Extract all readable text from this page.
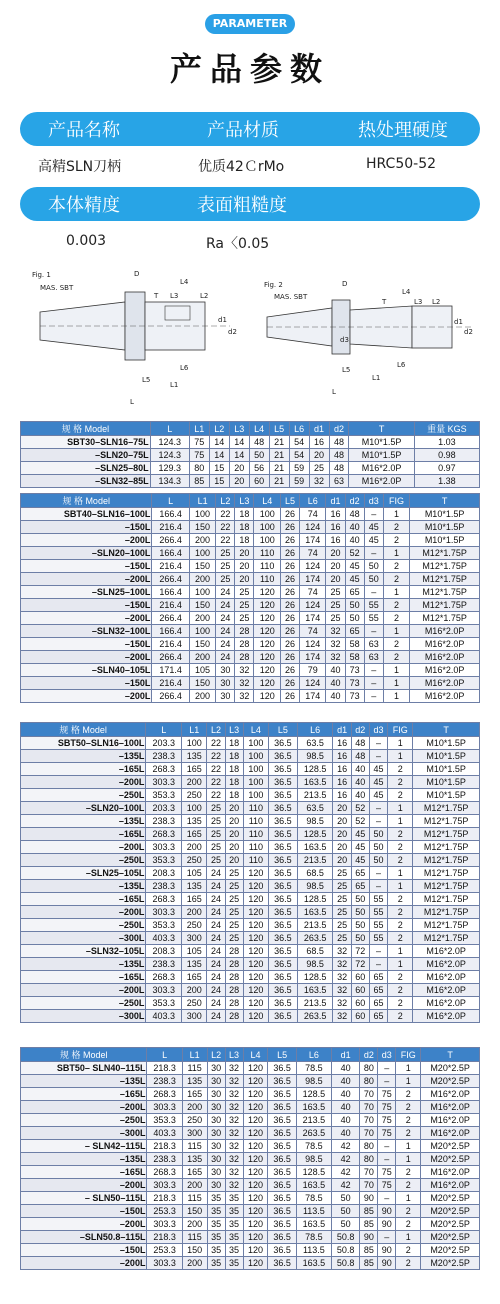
PARAMETER
产品参数
产品名称	产品材质	热处理硬度
高精SLN刀柄	优质42ＣrMo	HRC50-52
本体精度	表面粗糙度
0.003	Ra〈0.05
Fig. 1
MAS. SBT
D
L4
T L3	L2
d1
d2
L6
L5
L1
L
Fig. 2
MAS. SBT
D
L4
T	L3 L2
d1
d2
d3
L6
L5
L1
L
规 格 Model	L	L1	L2	L3	L4	L5	L6	d1	d2	T	重量 KGS
SBT30–SLN16–75L	124.3	75	14	14	48	21	54	16	48	M10*1.5P	1.03
–SLN20–75L	124.3	75	14	14	50	21	54	20	48	M10*1.5P	0.98
–SLN25–80L	129.3	80	15	20	56	21	59	25	48	M16*2.0P	0.97
–SLN32–85L	134.3	85	15	20	60	21	59	32	63	M16*2.0P	1.38
规 格 Model	L	L1	L2	L3	L4	L5	L6	d1	d2	d3	FIG	T
SBT40–SLN16–100L	166.4	100	22	18	100	26	74	16	48	–	1	M10*1.5P
–150L	216.4	150	22	18	100	26	124	16	40	45	2	M10*1.5P
–200L	266.4	200	22	18	100	26	174	16	40	45	2	M10*1.5P
–SLN20–100L	166.4	100	25	20	110	26	74	20	52	–	1	M12*1.75P
–150L	216.4	150	25	20	110	26	124	20	45	50	2	M12*1.75P
–200L	266.4	200	25	20	110	26	174	20	45	50	2	M12*1.75P
–SLN25–100L	166.4	100	24	25	120	26	74	25	65	–	1	M12*1.75P
–150L	216.4	150	24	25	120	26	124	25	50	55	2	M12*1.75P
–200L	266.4	200	24	25	120	26	174	25	50	55	2	M12*1.75P
–SLN32–100L	166.4	100	24	28	120	26	74	32	65	–	1	M16*2.0P
–150L	216.4	150	24	28	120	26	124	32	58	63	2	M16*2.0P
–200L	266.4	200	24	28	120	26	174	32	58	63	2	M16*2.0P
–SLN40–105L	171.4	105	30	32	120	26	79	40	73	–	1	M16*2.0P
–150L	216.4	150	30	32	120	26	124	40	73	–	1	M16*2.0P
–200L	266.4	200	30	32	120	26	174	40	73	–	1	M16*2.0P
规 格 Model	L	L1	L2	L3	L4	L5	L6	d1	d2	d3	FIG	T
SBT50–SLN16–100L	203.3	100	22	18	100	36.5	63.5	16	48	–	1	M10*1.5P
–135L	238.3	135	22	18	100	36.5	98.5	16	48	–	1	M10*1.5P
–165L	268.3	165	22	18	100	36.5	128.5	16	40	45	2	M10*1.5P
–200L	303.3	200	22	18	100	36.5	163.5	16	40	45	2	M10*1.5P
–250L	353.3	250	22	18	100	36.5	213.5	16	40	45	2	M10*1.5P
–SLN20–100L	203.3	100	25	20	110	36.5	63.5	20	52	–	1	M12*1.75P
–135L	238.3	135	25	20	110	36.5	98.5	20	52	–	1	M12*1.75P
–165L	268.3	165	25	20	110	36.5	128.5	20	45	50	2	M12*1.75P
–200L	303.3	200	25	20	110	36.5	163.5	20	45	50	2	M12*1.75P
–250L	353.3	250	25	20	110	36.5	213.5	20	45	50	2	M12*1.75P
–SLN25–105L	208.3	105	24	25	120	36.5	68.5	25	65	–	1	M12*1.75P
–135L	238.3	135	24	25	120	36.5	98.5	25	65	–	1	M12*1.75P
–165L	268.3	165	24	25	120	36.5	128.5	25	50	55	2	M12*1.75P
–200L	303.3	200	24	25	120	36.5	163.5	25	50	55	2	M12*1.75P
–250L	353.3	250	24	25	120	36.5	213.5	25	50	55	2	M12*1.75P
–300L	403.3	300	24	25	120	36.5	263.5	25	50	55	2	M12*1.75P
–SLN32–105L	208.3	105	24	28	120	36.5	68.5	32	72	–	1	M16*2.0P
–135L	238.3	135	24	28	120	36.5	98.5	32	72	–	1	M16*2.0P
–165L	268.3	165	24	28	120	36.5	128.5	32	60	65	2	M16*2.0P
–200L	303.3	200	24	28	120	36.5	163.5	32	60	65	2	M16*2.0P
–250L	353.3	250	24	28	120	36.5	213.5	32	60	65	2	M16*2.0P
–300L	403.3	300	24	28	120	36.5	263.5	32	60	65	2	M16*2.0P
规 格 Model	L	L1	L2	L3	L4	L5	L6	d1	d2	d3	FIG	T
SBT50– SLN40–115L	218.3	115	30	32	120	36.5	78.5	40	80	–	1	M20*2.5P
–135L	238.3	135	30	32	120	36.5	98.5	40	80	–	1	M20*2.5P
–165L	268.3	165	30	32	120	36.5	128.5	40	70	75	2	M16*2.0P
–200L	303.3	200	30	32	120	36.5	163.5	40	70	75	2	M16*2.0P
–250L	353.3	250	30	32	120	36.5	213.5	40	70	75	2	M16*2.0P
–300L	403.3	300	30	32	120	36.5	263.5	40	70	75	2	M16*2.0P
– SLN42–115L	218.3	115	30	32	120	36.5	78.5	42	80	–	1	M20*2.5P
–135L	238.3	135	30	32	120	36.5	98.5	42	80	–	1	M20*2.5P
–165L	268.3	165	30	32	120	36.5	128.5	42	70	75	2	M16*2.0P
–200L	303.3	200	30	32	120	36.5	163.5	42	70	75	2	M16*2.0P
– SLN50–115L	218.3	115	35	35	120	36.5	78.5	50	90	–	1	M20*2.5P
–150L	253.3	150	35	35	120	36.5	113.5	50	85	90	2	M20*2.5P
–200L	303.3	200	35	35	120	36.5	163.5	50	85	90	2	M20*2.5P
–SLN50.8–115L	218.3	115	35	35	120	36.5	78.5	50.8	90	–	1	M20*2.5P
–150L	253.3	150	35	35	120	36.5	113.5	50.8	85	90	2	M20*2.5P
–200L	303.3	200	35	35	120	36.5	163.5	50.8	85	90	2	M20*2.5P
